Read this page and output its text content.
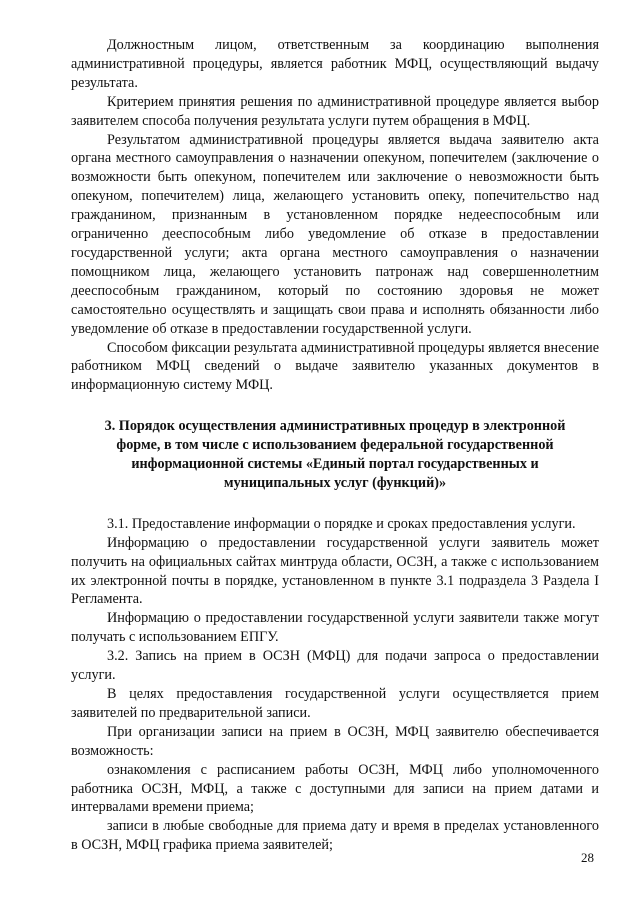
Должностным лицом, ответственным за координацию выполнения административной процедуры, является работник МФЦ, осуществляющий выдачу результата.

Критерием принятия решения по административной процедуре является выбор заявителем способа получения результата услуги путем обращения в МФЦ.

Результатом административной процедуры является выдача заявителю акта органа местного самоуправления о назначении опекуном, попечителем (заключение о возможности быть опекуном, попечителем или заключение о невозможности быть опекуном, попечителем) лица, желающего установить опеку, попечительство над гражданином, признанным в установленном порядке недееспособным или ограниченно дееспособным либо уведомление об отказе в предоставлении государственной услуги; акта органа местного самоуправления о назначении помощником лица, желающего установить патронаж над совершеннолетним дееспособным гражданином, который по состоянию здоровья не может самостоятельно осуществлять и защищать свои права и исполнять обязанности либо уведомление об отказе в предоставлении государственной услуги.

Способом фиксации результата административной процедуры является внесение работником МФЦ сведений о выдаче заявителю указанных документов в информационную систему МФЦ.

3. Порядок осуществления административных процедур в электронной форме, в том числе с использованием федеральной государственной информационной системы «Единый портал государственных и муниципальных услуг (функций)»

3.1. Предоставление информации о порядке и сроках предоставления услуги.

Информацию о предоставлении государственной услуги заявитель может получить на официальных сайтах минтруда области, ОСЗН, а также с использованием их электронной почты в порядке, установленном в пункте 3.1 подраздела 3 Раздела I Регламента.

Информацию о предоставлении государственной услуги заявители также могут получать с использованием ЕПГУ.

3.2. Запись на прием в ОСЗН (МФЦ) для подачи запроса о предоставлении услуги.

В целях предоставления государственной услуги осуществляется прием заявителей по предварительной записи.

При организации записи на прием в ОСЗН, МФЦ заявителю обеспечивается возможность:

ознакомления с расписанием работы ОСЗН, МФЦ либо уполномоченного работника ОСЗН, МФЦ, а также с доступными для записи на прием датами и интервалами времени приема;

записи в любые свободные для приема дату и время в пределах установленного в ОСЗН, МФЦ графика приема заявителей;

28
